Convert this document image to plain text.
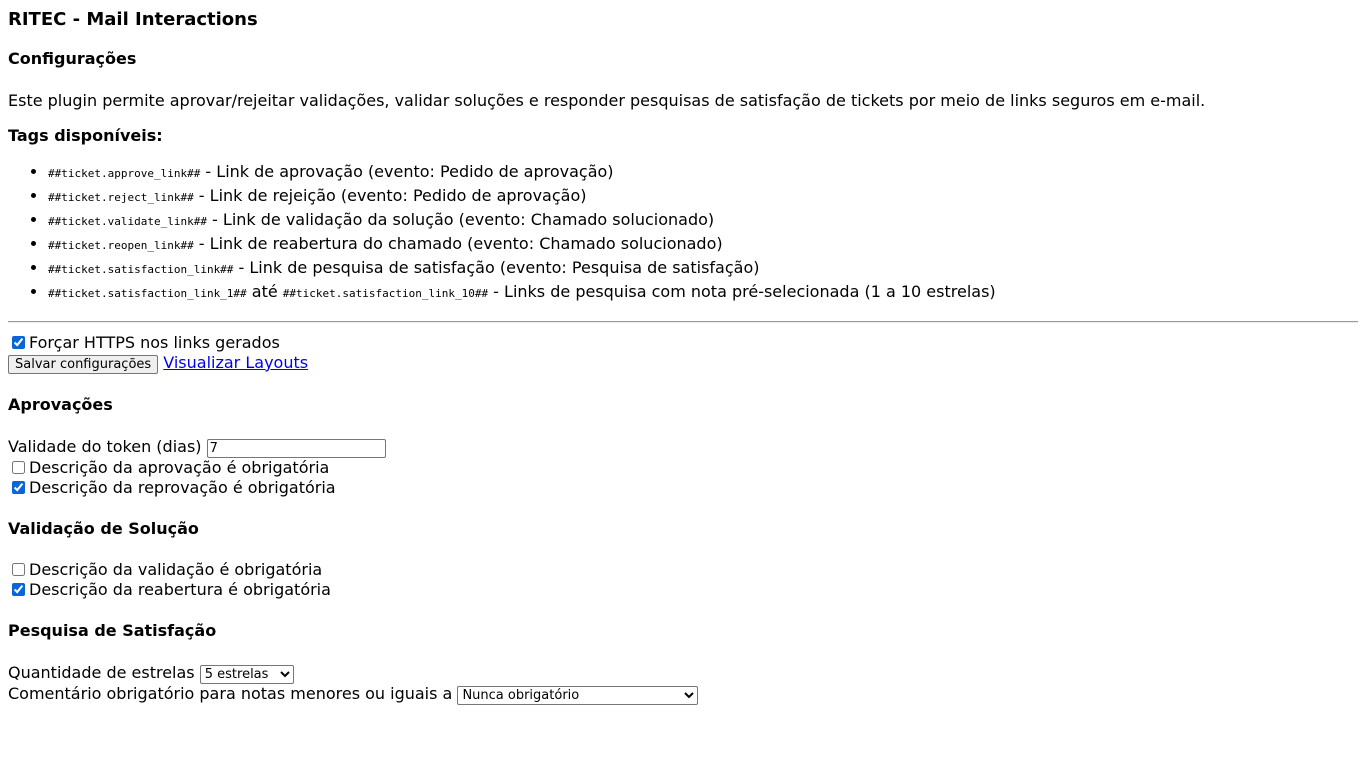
RITEC - Mail Interactions
Configurações

Este plugin permite aprovar/rejeitar validações, validar soluções e responder pesquisas de satisfação de tickets por meio de links seguros em e-mail.

Tags disponíveis:

• ##ticket.approve_link## - Link de aprovação (evento: Pedido de aprovação)
• ##ticket.reject_link## - Link de rejeição (evento: Pedido de aprovação)
• ##ticket.validate_link## - Link de validação da solução (evento: Chamado solucionado)
• ##ticket.reopen_link## - Link de reabertura do chamado (evento: Chamado solucionado)
• ##ticket.satisfaction_link## - Link de pesquisa de satisfação (evento: Pesquisa de satisfação)
• ##ticket.satisfaction_link_1## até ##ticket.satisfaction_link_10## - Links de pesquisa com nota pré-selecionada (1 a 10 estrelas)
Forçar HTTPS nos links gerados
Salvar configurações Visualizar Layouts
Aprovações
Validade do token (dias) 7
Descrição da aprovação é obrigatória
Descrição da reprovação é obrigatória
Validação de Solução
Descrição da validação é obrigatória
Descrição da reabertura é obrigatória
Pesquisa de Satisfação
Quantidade de estrelas
5 estrelas
Comentário obrigatório para notas menores ou iguais a
Nunca obrigatório
